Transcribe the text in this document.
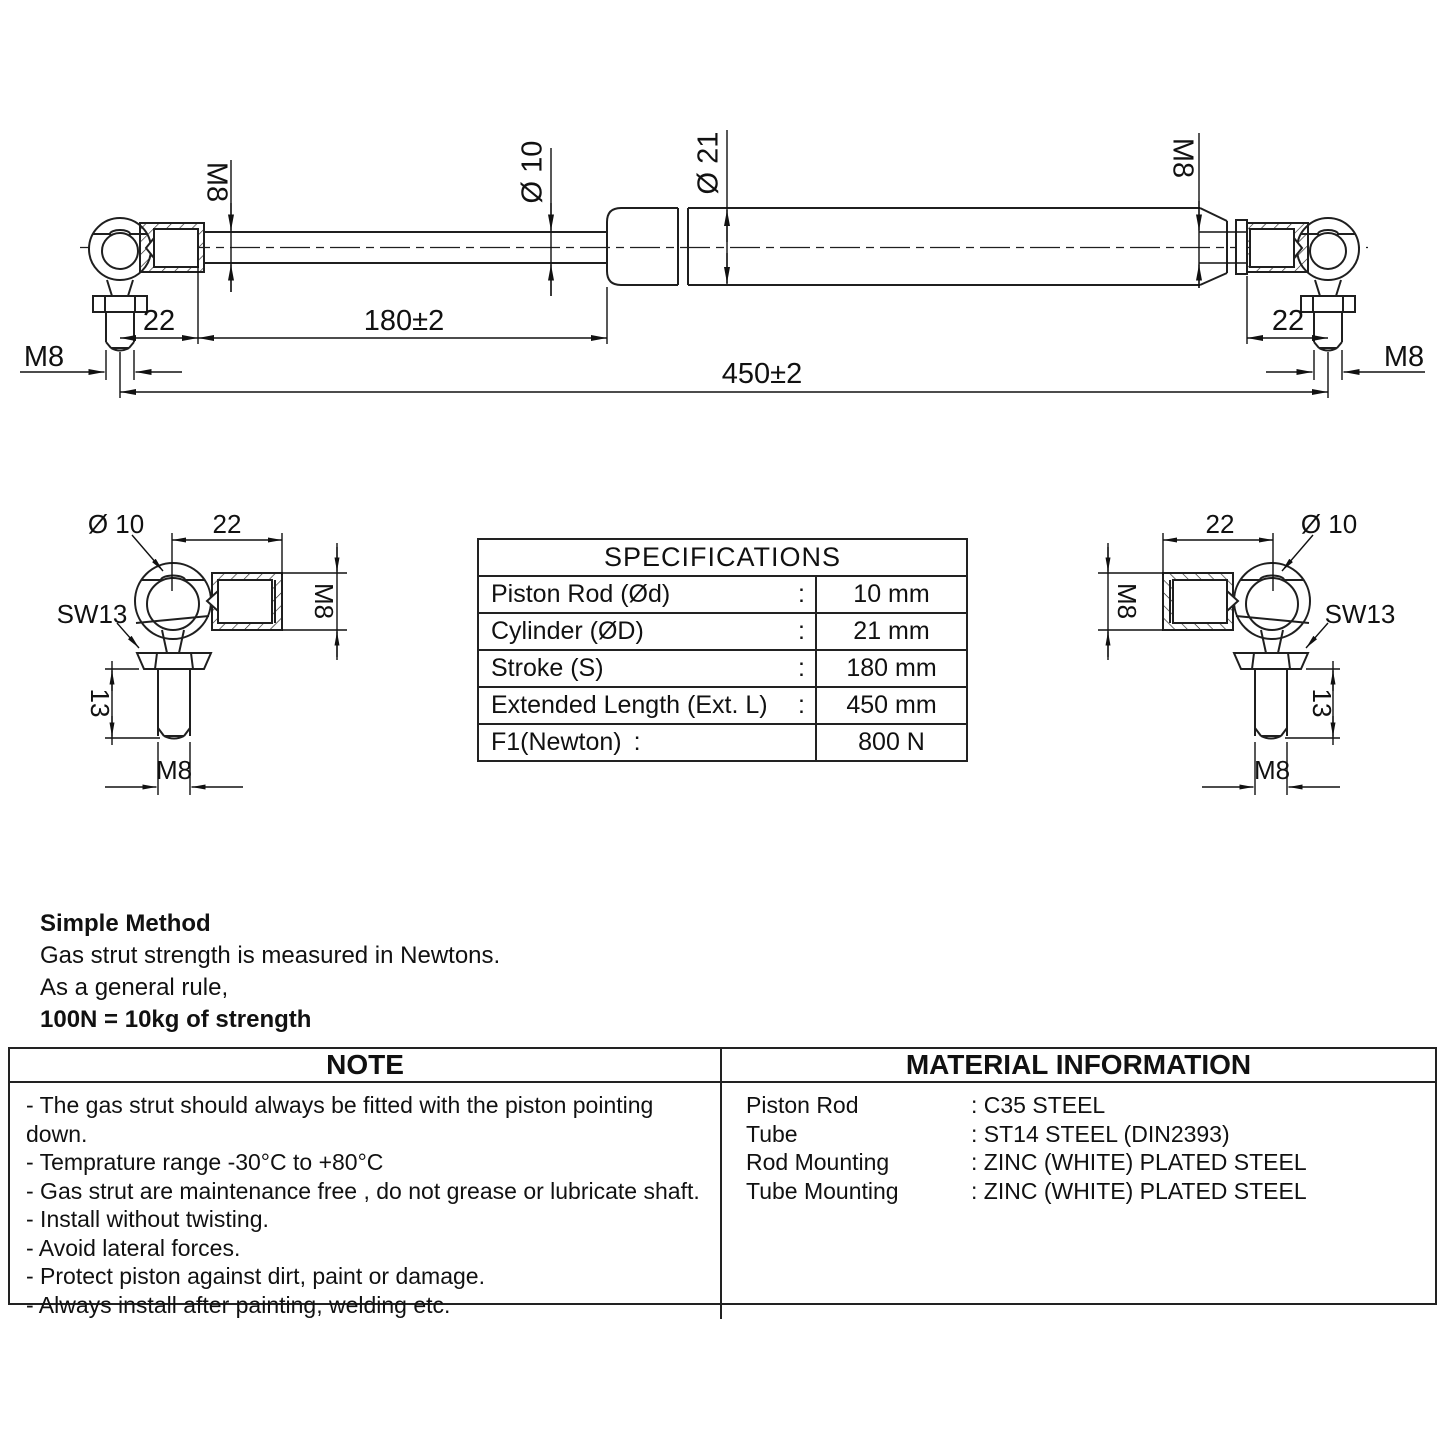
M8	Ø 10	Ø 21	M8
22	180±2	22
450±2
M8	M8
Ø 10	22
SW13	M8
13
M8
Ø 10
22
SW13
M8
13
M8
SPECIFICATIONS
Piston Rod (Ød)	:	10 mm
Cylinder (ØD)	:	21 mm
Stroke (S)	:	180 mm
Extended Length (Ext. L) :	450 mm
F1(Newton) :	800 N
Simple Method
Gas strut strength is measured in Newtons.
As a general rule,
100N = 10kg of strength
NOTE	MATERIAL INFORMATION
- The gas strut should always be fitted with the piston pointing down.
- Temprature range -30°C to +80°C
- Gas strut are maintenance free , do not grease or lubricate shaft.
- Install without twisting.
- Avoid lateral forces.
- Protect piston against dirt, paint or damage.
- Always install after painting, welding etc.
Piston Rod	: C35 STEEL
Tube	: ST14 STEEL (DIN2393)
Rod Mounting	: ZINC (WHITE) PLATED STEEL
Tube Mounting	: ZINC (WHITE) PLATED STEEL
